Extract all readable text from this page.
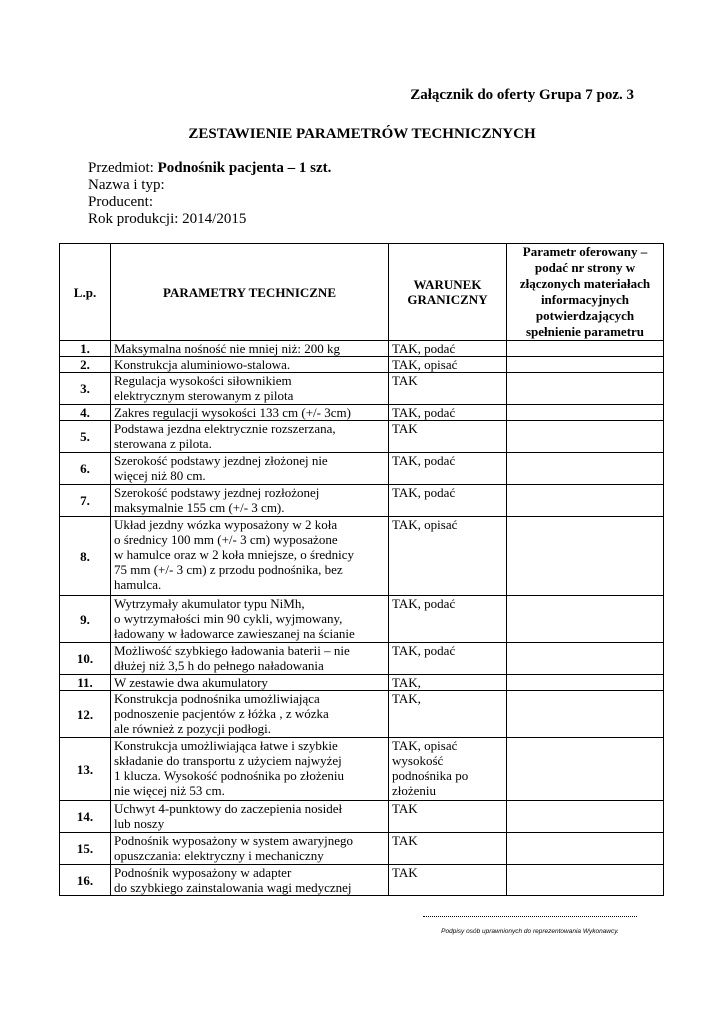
Załącznik do oferty Grupa 7 poz. 3
ZESTAWIENIE PARAMETRÓW TECHNICZNYCH
Przedmiot: Podnośnik pacjenta – 1 szt.
Nazwa i typ:
Producent:
Rok produkcji: 2014/2015
L.p.	PARAMETRY TECHNICZNE	WARUNEK GRANICZNY	Parametr oferowany – podać nr strony w złączonych materiałach informacyjnych potwierdzających spełnienie parametru
1.	Maksymalna nośność nie mniej niż: 200 kg	TAK, podać	
2.	Konstrukcja aluminiowo-stalowa.	TAK, opisać	
3.	Regulacja wysokości siłownikiem
elektrycznym sterowanym z pilota	TAK	
4.	Zakres regulacji wysokości 133 cm (+/- 3cm)	TAK, podać	
5.	Podstawa jezdna elektrycznie rozszerzana,
sterowana z pilota.	TAK	
6.	Szerokość podstawy jezdnej złożonej nie
więcej niż 80 cm.	TAK, podać	
7.	Szerokość podstawy jezdnej rozłożonej
maksymalnie 155 cm (+/- 3 cm).	TAK, podać	
8.	Układ jezdny wózka wyposażony w 2 koła
o średnicy 100 mm (+/- 3 cm) wyposażone
w hamulce oraz w 2 koła mniejsze, o średnicy
75 mm (+/- 3 cm) z przodu podnośnika, bez
hamulca.	TAK, opisać	
9.	Wytrzymały akumulator typu NiMh,
o wytrzymałości min 90 cykli, wyjmowany,
ładowany w ładowarce zawieszanej na ścianie	TAK, podać	
10.	Możliwość szybkiego ładowania baterii – nie
dłużej niż 3,5 h do pełnego naładowania	TAK, podać	
11.	W zestawie dwa akumulatory	TAK,	
12.	Konstrukcja podnośnika umożliwiająca
podnoszenie pacjentów z łóżka , z wózka
ale również z pozycji podłogi.	TAK,	
13.	Konstrukcja umożliwiająca łatwe i szybkie
składanie do transportu z użyciem najwyżej
1 klucza. Wysokość podnośnika po złożeniu
nie więcej niż 53 cm.	TAK, opisać
wysokość
podnośnika po
złożeniu	
14.	Uchwyt 4-punktowy do zaczepienia nosideł
lub noszy	TAK	
15.	Podnośnik wyposażony w system awaryjnego
opuszczania: elektryczny i mechaniczny	TAK	
16.	Podnośnik wyposażony w adapter
do szybkiego zainstalowania wagi medycznej	TAK	
Podpisy osób uprawnionych do reprezentowania Wykonawcy.
